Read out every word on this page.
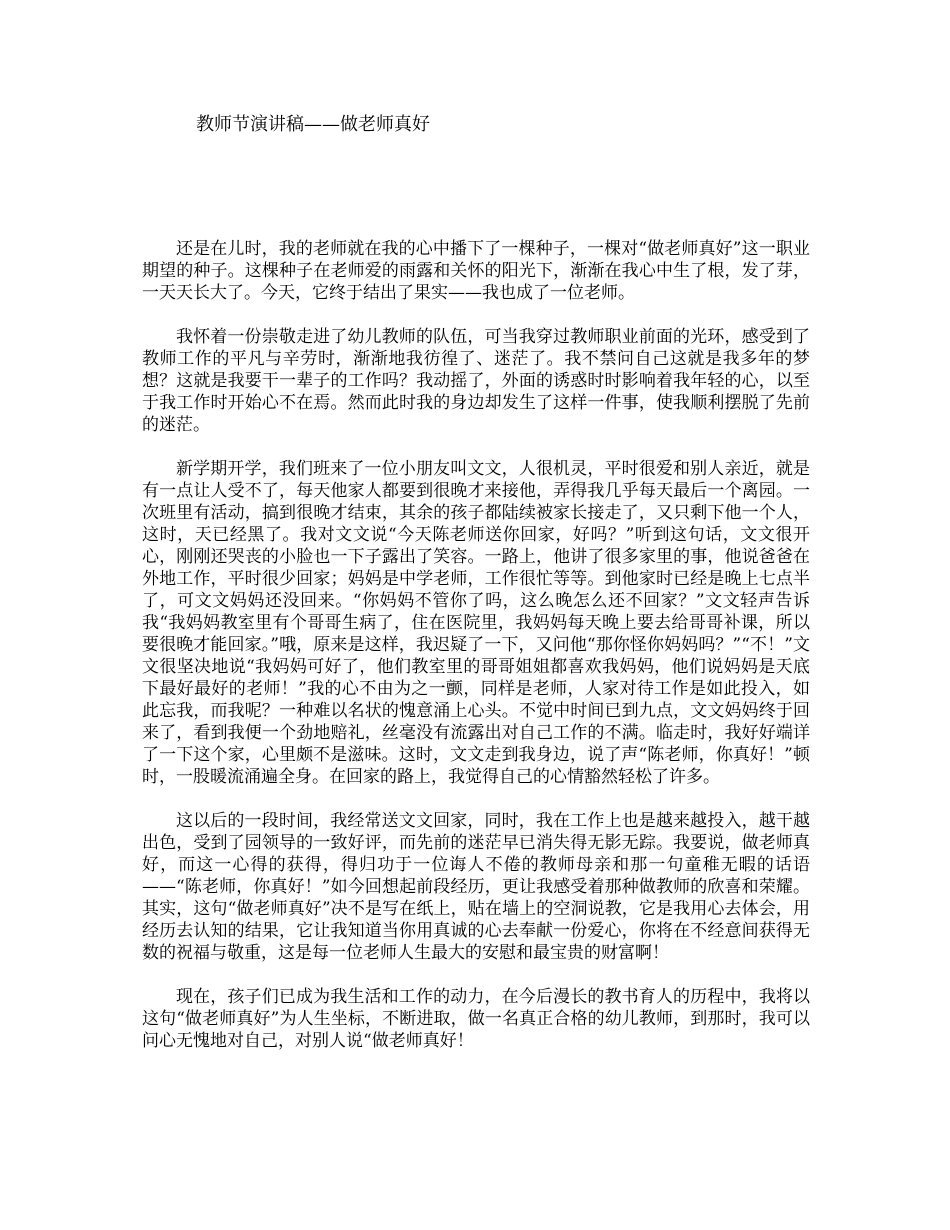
教师节演讲稿——做老师真好

还是在儿时，我的老师就在我的心中播下了一棵种子，一棵对“做老师真好”这一职业期望的种子。这棵种子在老师爱的雨露和关怀的阳光下，渐渐在我心中生了根，发了芽，一天天长大了。今天，它终于结出了果实——我也成了一位老师。

我怀着一份崇敬走进了幼儿教师的队伍，可当我穿过教师职业前面的光环，感受到了教师工作的平凡与辛劳时，渐渐地我彷徨了、迷茫了。我不禁问自己这就是我多年的梦想？这就是我要干一辈子的工作吗？我动摇了，外面的诱惑时时影响着我年轻的心，以至于我工作时开始心不在焉。然而此时我的身边却发生了这样一件事，使我顺利摆脱了先前的迷茫。

新学期开学，我们班来了一位小朋友叫文文，人很机灵，平时很爱和别人亲近，就是有一点让人受不了，每天他家人都要到很晚才来接他，弄得我几乎每天最后一个离园。一次班里有活动，搞到很晚才结束，其余的孩子都陆续被家长接走了，又只剩下他一个人，这时，天已经黑了。我对文文说“今天陈老师送你回家，好吗？”听到这句话，文文很开心，刚刚还哭丧的小脸也一下子露出了笑容。一路上，他讲了很多家里的事，他说爸爸在外地工作，平时很少回家；妈妈是中学老师，工作很忙等等。到他家时已经是晚上七点半了，可文文妈妈还没回来。“你妈妈不管你了吗，这么晚怎么还不回家？”文文轻声告诉我“我妈妈教室里有个哥哥生病了，住在医院里，我妈妈每天晚上要去给哥哥补课，所以要很晚才能回家。”哦，原来是这样，我迟疑了一下，又问他“那你怪你妈妈吗？”“不！”文文很坚决地说“我妈妈可好了，他们教室里的哥哥姐姐都喜欢我妈妈，他们说妈妈是天底下最好最好的老师！”我的心不由为之一颤，同样是老师，人家对待工作是如此投入，如此忘我，而我呢？一种难以名状的愧意涌上心头。不觉中时间已到九点，文文妈妈终于回来了，看到我便一个劲地赔礼，丝毫没有流露出对自己工作的不满。临走时，我好好端详了一下这个家，心里颇不是滋味。这时，文文走到我身边，说了声“陈老师，你真好！”顿时，一股暖流涌遍全身。在回家的路上，我觉得自己的心情豁然轻松了许多。

这以后的一段时间，我经常送文文回家，同时，我在工作上也是越来越投入，越干越出色，受到了园领导的一致好评，而先前的迷茫早已消失得无影无踪。我要说，做老师真好，而这一心得的获得，得归功于一位诲人不倦的教师母亲和那一句童稚无暇的话语——“陈老师，你真好！”如今回想起前段经历，更让我感受着那种做教师的欣喜和荣耀。其实，这句“做老师真好”决不是写在纸上，贴在墙上的空洞说教，它是我用心去体会，用经历去认知的结果，它让我知道当你用真诚的心去奉献一份爱心，你将在不经意间获得无数的祝福与敬重，这是每一位老师人生最大的安慰和最宝贵的财富啊！

现在，孩子们已成为我生活和工作的动力，在今后漫长的教书育人的历程中，我将以这句“做老师真好”为人生坐标，不断进取，做一名真正合格的幼儿教师，到那时，我可以问心无愧地对自己，对别人说“做老师真好！
